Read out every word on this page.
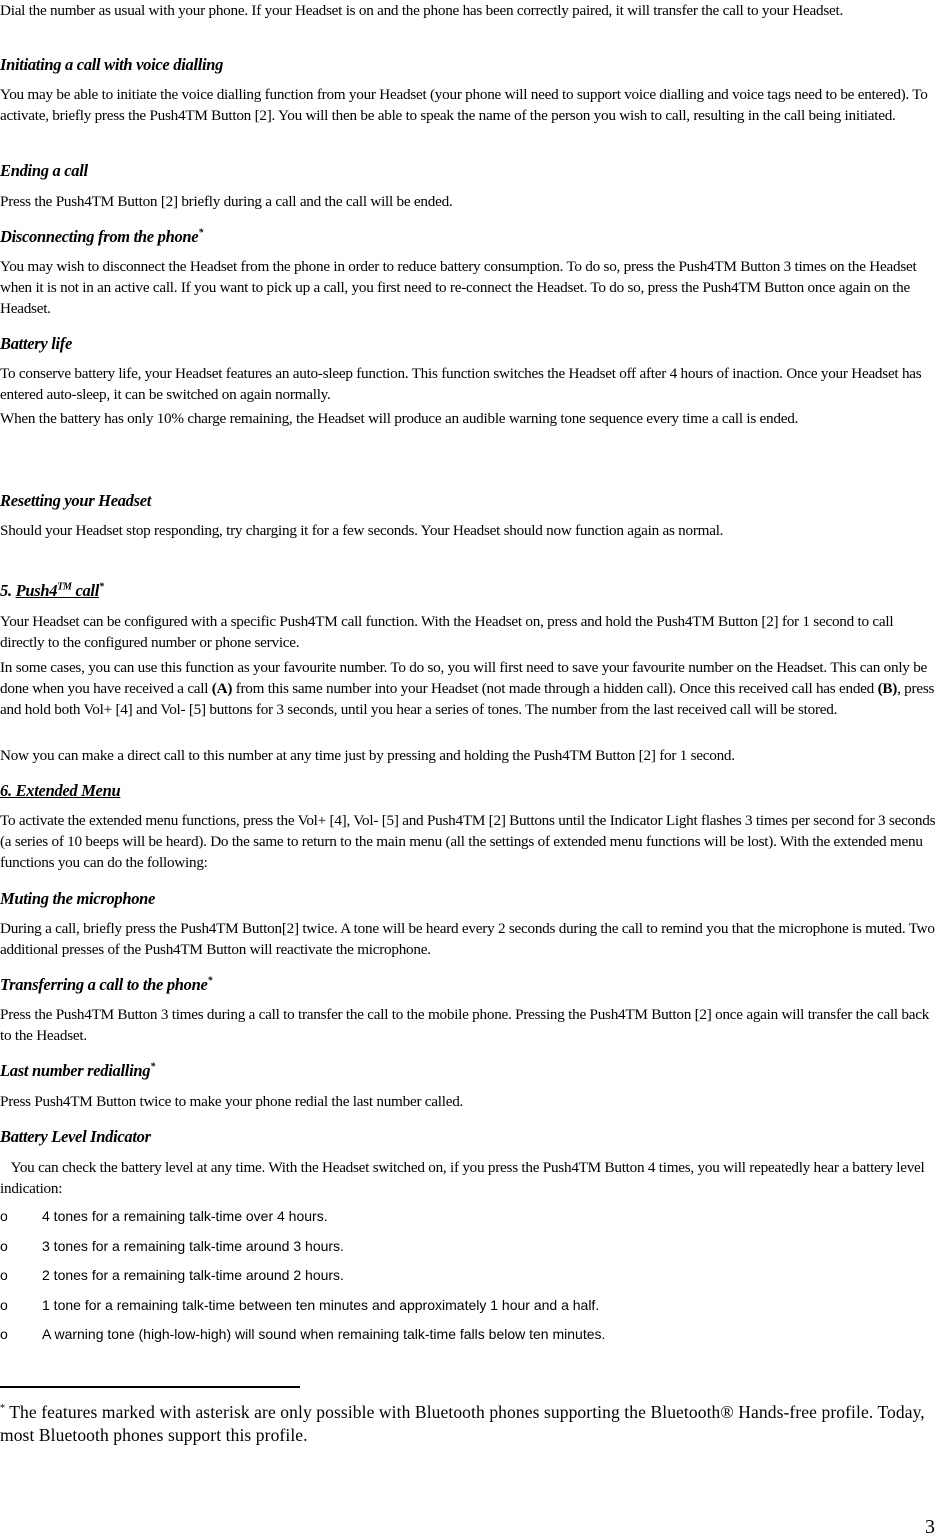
Dial the number as usual with your phone. If your Headset is on and the phone has been correctly paired, it will transfer the call to your Headset.

Initiating a call with voice dialling

You may be able to initiate the voice dialling function from your Headset (your phone will need to support voice dialling and voice tags need to be entered). To activate, briefly press the Push4TM Button [2]. You will then be able to speak the name of the person you wish to call, resulting in the call being initiated.

Ending a call

Press the Push4TM Button [2] briefly during a call and the call will be ended.

Disconnecting from the phone*

You may wish to disconnect the Headset from the phone in order to reduce battery consumption. To do so, press the Push4TM Button 3 times on the Headset when it is not in an active call. If you want to pick up a call, you first need to re-connect the Headset. To do so, press the Push4TM Button once again on the Headset.

Battery life

To conserve battery life, your Headset features an auto-sleep function. This function switches the Headset off after 4 hours of inaction. Once your Headset has entered auto-sleep, it can be switched on again normally.

When the battery has only 10% charge remaining, the Headset will produce an audible warning tone sequence every time a call is ended.

Resetting your Headset

Should your Headset stop responding, try charging it for a few seconds. Your Headset should now function again as normal.

5. Push4™ call*

Your Headset can be configured with a specific Push4TM call function. With the Headset on, press and hold the Push4TM Button [2] for 1 second to call directly to the configured number or phone service.

In some cases, you can use this function as your favourite number. To do so, you will first need to save your favourite number on the Headset. This can only be done when you have received a call (A) from this same number into your Headset (not made through a hidden call). Once this received call has ended (B), press and hold both Vol+ [4] and Vol- [5] buttons for 3 seconds, until you hear a series of tones. The number from the last received call will be stored.

Now you can make a direct call to this number at any time just by pressing and holding the Push4TM Button [2] for 1 second.

6. Extended Menu

To activate the extended menu functions, press the Vol+ [4], Vol- [5] and Push4TM [2] Buttons until the Indicator Light flashes 3 times per second for 3 seconds (a series of 10 beeps will be heard). Do the same to return to the main menu (all the settings of extended menu functions will be lost). With the extended menu functions you can do the following:

Muting the microphone

During a call, briefly press the Push4TM Button[2] twice. A tone will be heard every 2 seconds during the call to remind you that the microphone is muted. Two additional presses of the Push4TM Button will reactivate the microphone.

Transferring a call to the phone*

Press the Push4TM Button 3 times during a call to transfer the call to the mobile phone. Pressing the Push4TM Button [2] once again will transfer the call back to the Headset.

Last number redialling*

Press Push4TM Button twice to make your phone redial the last number called.

Battery Level Indicator

You can check the battery level at any time. With the Headset switched on, if you press the Push4TM Button 4 times, you will repeatedly hear a battery level indication:

o 4 tones for a remaining talk-time over 4 hours.
o 3 tones for a remaining talk-time around 3 hours.
o 2 tones for a remaining talk-time around 2 hours.
o 1 tone for a remaining talk-time between ten minutes and approximately 1 hour and a half.
o A warning tone (high-low-high) will sound when remaining talk-time falls below ten minutes.

* The features marked with asterisk are only possible with Bluetooth phones supporting the Bluetooth® Hands-free profile. Today, most Bluetooth phones support this profile.

3
